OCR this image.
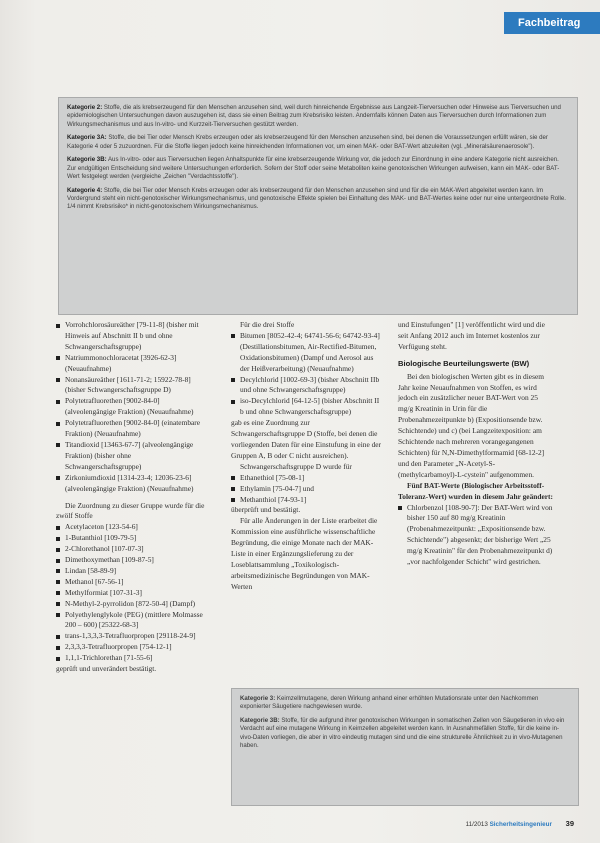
Fachbeitrag

Kategorie 2: Stoffe, die als krebserzeugend für den Menschen anzusehen sind, weil durch hinreichende Ergebnisse aus Langzeit-Tierversuchen oder Hinweise aus Tierversuchen und epidemiologischen Untersuchungen davon auszugehen ist, dass sie einen Beitrag zum Krebsrisiko leisten. Andernfalls können Daten aus Tierversuchen durch Informationen zum Wirkungsmechanismus und aus In-vitro- und Kurzzeit-Tierversuchen gestützt werden.

Kategorie 3A: Stoffe, die bei Tier oder Mensch Krebs erzeugen oder als krebserzeugend für den Menschen anzusehen sind, bei denen die Voraussetzungen erfüllt wären, sie der Kategorie 4 oder 5 zuzuordnen. Für die Stoffe liegen jedoch keine hinreichenden Informationen vor, um einen MAK- oder BAT-Wert abzuleiten (vgl. „Mineralsäurenaerosole").

Kategorie 3B: Aus In-vitro- oder aus Tierversuchen liegen Anhaltspunkte für eine krebserzeugende Wirkung vor, die jedoch zur Einordnung in eine andere Kategorie nicht ausreichen. Zur endgültigen Entscheidung sind weitere Untersuchungen erforderlich. Sofern der Stoff oder seine Metaboliten keine genotoxischen Wirkungen aufweisen, kann ein MAK- oder BAT-Wert festgelegt werden (vergleiche „Zeichen "Verdachtsstoffe").

Kategorie 4: Stoffe, die bei Tier oder Mensch Krebs erzeugen oder als krebserzeugend für den Menschen anzusehen sind und für die ein MAK-Wert abgeleitet werden kann. Im Vordergrund steht ein nicht-genotoxischer Wirkungsmechanismus, und genotoxische Effekte spielen bei Einhaltung des MAK- und BAT-Wertes keine oder nur eine untergeordnete Rolle. 1/4 nimmt Krebsrisiko* in nicht-genotoxischem Wirkungsmechanismus.

Vorrohchlorosäureäther [79-11-8] (bisher mit Hinweis auf Abschnitt II b und ohne Schwangerschaftsgruppe)
Natriummonochloracetat [3926-62-3] (Neuaufnahme)
Nonansäureäther [1611-71-2; 15922-78-8] (bisher Schwangerschaftsgruppe D)
Polytetrafluorethen [9002-84-0] (alveolengängige Fraktion) (Neuaufnahme)
Polytetrafluorethen [9002-84-0] (einatembare Fraktion) (Neuaufnahme)
Titandioxid [13463-67-7] (alveolengängige Fraktion) (bisher ohne Schwangerschaftsgruppe)
Zirkoniumdioxid [1314-23-4; 12036-23-6] (alveolengängige Fraktion) (Neuaufnahme)

Die Zuordnung zu dieser Gruppe wurde für die zwölf Stoffe

Acetylaceton [123-54-6]
1-Butanthiol [109-79-5]
2-Chlorethanol [107-07-3]
Dimethoxymethan [109-87-5]
Lindan [58-89-9]
Methanol [67-56-1]
Methylformiat [107-31-3]
N-Methyl-2-pyrrolidon [872-50-4] (Dampf)
Polyethylenglykole (PEG) (mittlere Molmasse 200 – 600) [25322-68-3]
trans-1,3,3,3-Tetrafluorpropen [29118-24-9]
2,3,3,3-Tetrafluorpropen [754-12-1]
1,1,1-Trichlorethan [71-55-6]

geprüft und unverändert bestätigt.

Für die drei Stoffe

Bitumen [8052-42-4; 64741-56-6; 64742-93-4] (Destillationsbitumen, Air-Rectified-Bitumen, Oxidationsbitumen) (Dampf und Aerosol aus der Heißverarbeitung) (Neuaufnahme)
Decylchlorid [1002-69-3] (bisher Abschnitt IIb und ohne Schwangerschaftsgruppe)
iso-Decylchlorid [64-12-5] (bisher Abschnitt II b und ohne Schwangerschaftsgruppe)

gab es eine Zuordnung zur Schwangerschaftsgruppe D (Stoffe, bei denen die vorliegenden Daten für eine Einstufung in eine der Gruppen A, B oder C nicht ausreichen).

Schwangerschaftsgruppe D wurde für

Ethanethiol [75-08-1]
Ethylamin [75-04-7] und
Methanthiol [74-93-1]

überprüft und bestätigt.

Für alle Änderungen in der Liste erarbeitet die Kommission eine ausführliche wissenschaftliche Begründung, die einige Monate nach der MAK-Liste in einer Ergänzungslieferung zu der Loseblattsammlung „Toxikologisch-arbeitsmedizinische Begründungen von MAK-Werten

und Einstufungen" [1] veröffentlicht wird und die seit Anfang 2012 auch im Internet kostenlos zur Verfügung steht.

Biologische Beurteilungswerte (BW)

Bei den biologischen Werten gibt es in diesem Jahr keine Neuaufnahmen von Stoffen, es wird jedoch ein zusätzlicher neuer BAT-Wert von 25 mg/g Kreatinin in Urin für die Probenahmezeitpunkte b) (Expositionsende bzw. Schichtende) und c) (bei Langzeitexposition: am Schichtende nach mehreren vorangegangenen Schichten) für N,N-Dimethylformamid [68-12-2] und den Parameter „N-Acetyl-S-(methylcarbamoyl)-L-cystein" aufgenommen.

Fünf BAT-Werte (Biologischer Arbeitsstoff-Toleranz-Wert) wurden in diesem Jahr geändert:

Chlorbenzol [108-90-7]: Der BAT-Wert wird von bisher 150 auf 80 mg/g Kreatinin (Probenahmezeitpunkt: „Expositionsende bzw. Schichtende") abgesenkt; der bisherige Wert „25 mg/g Kreatinin" für den Probenahmezeitpunkt d) „vor nachfolgender Schicht" wird gestrichen.

Kategorie 3: Keimzellmutagene, deren Wirkung anhand einer erhöhten Mutationsrate unter den Nachkommen exponierter Säugetiere nachgewiesen wurde.

Kategorie 3B: Stoffe, für die aufgrund ihrer genotoxischen Wirkungen in somatischen Zellen von Säugetieren in vivo ein Verdacht auf eine mutagene Wirkung in Keimzellen abgeleitet werden kann. In Ausnahmefällen Stoffe, für die keine in-vivo-Daten vorliegen, die aber in vitro eindeutig mutagen sind und die eine strukturelle Ähnlichkeit zu in vivo-Mutagenen haben.

11/2013 Sicherheitsingenieur 39
